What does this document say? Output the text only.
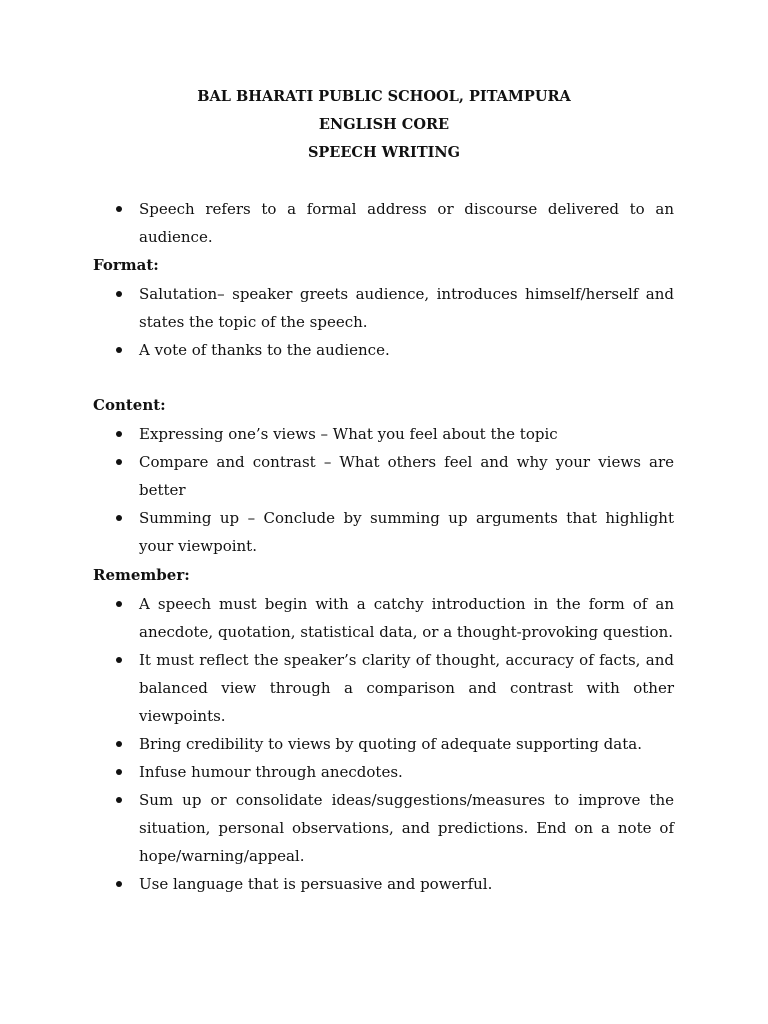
BAL BHARATI PUBLIC SCHOOL, PITAMPURA
ENGLISH CORE
SPEECH WRITING
Speech refers to a formal address or discourse delivered to an audience.
Format:
Salutation– speaker greets audience, introduces himself/herself and states the topic of the speech.
A vote of thanks to the audience.
Content:
Expressing one’s views – What you feel about the topic
Compare and contrast – What others feel and why your views are better
Summing up – Conclude by summing up arguments that highlight your viewpoint.
Remember:
A speech must begin with a catchy introduction in the form of an anecdote, quotation, statistical data, or a thought-provoking question.
It must reflect the speaker’s clarity of thought, accuracy of facts, and balanced view through a comparison and contrast with other viewpoints.
Bring credibility to views by quoting of adequate supporting data.
Infuse humour through anecdotes.
Sum up or consolidate ideas/suggestions/measures to improve the situation, personal observations, and predictions. End on a note of hope/warning/appeal.
Use language that is persuasive and powerful.
